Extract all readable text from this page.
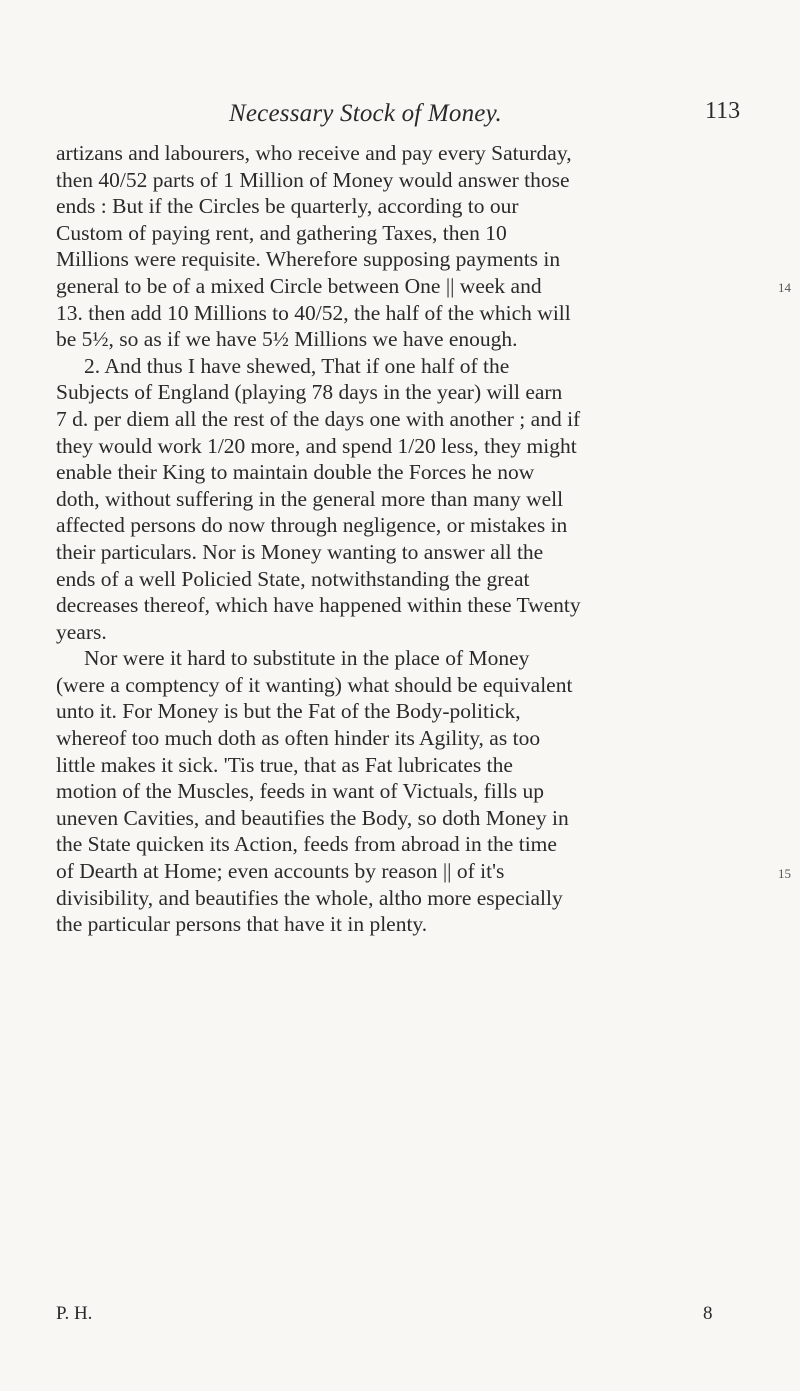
Necessary Stock of Money.	113
artizans and labourers, who receive and pay every Saturday,
then 40/52 parts of 1 Million of Money would answer those
ends : But if the Circles be quarterly, according to our
Custom of paying rent, and gathering Taxes, then 10
Millions were requisite. Wherefore supposing payments in
general to be of a mixed Circle between One || week and
13. then add 10 Millions to 40/52, the half of the which will
be 5½, so as if we have 5½ Millions we have enough.
2. And thus I have shewed, That if one half of the
Subjects of England (playing 78 days in the year) will earn
7 d. per diem all the rest of the days one with another ; and if
they would work 1/20 more, and spend 1/20 less, they might
enable their King to maintain double the Forces he now
doth, without suffering in the general more than many well
affected persons do now through negligence, or mistakes in
their particulars. Nor is Money wanting to answer all the
ends of a well Policied State, notwithstanding the great
decreases thereof, which have happened within these Twenty
years.
Nor were it hard to substitute in the place of Money
(were a comptency of it wanting) what should be equivalent
unto it. For Money is but the Fat of the Body-politick,
whereof too much doth as often hinder its Agility, as too
little makes it sick. 'Tis true, that as Fat lubricates the
motion of the Muscles, feeds in want of Victuals, fills up
uneven Cavities, and beautifies the Body, so doth Money in
the State quicken its Action, feeds from abroad in the time
of Dearth at Home; even accounts by reason || of it's
divisibility, and beautifies the whole, altho more especially
the particular persons that have it in plenty.
14
15
P. H.	8
